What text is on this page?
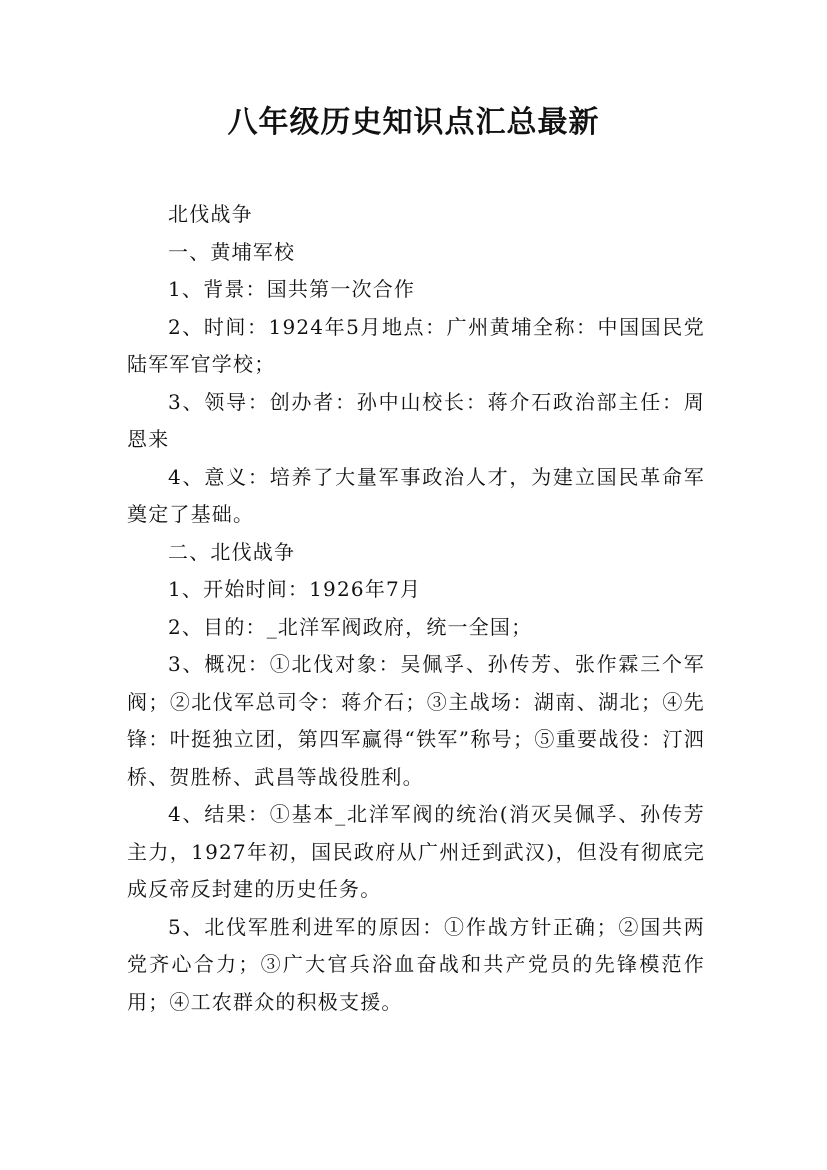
八年级历史知识点汇总最新

北伐战争

一、黄埔军校

1、背景：国共第一次合作

2、时间：1924年5月地点：广州黄埔全称：中国国民党陆军军官学校；

3、领导：创办者：孙中山校长：蒋介石政治部主任：周恩来

4、意义：培养了大量军事政治人才，为建立国民革命军奠定了基础。

二、北伐战争

1、开始时间：1926年7月

2、目的：_北洋军阀政府，统一全国；

3、概况：①北伐对象：吴佩孚、孙传芳、张作霖三个军阀；②北伐军总司令：蒋介石；③主战场：湖南、湖北；④先锋：叶挺独立团，第四军赢得“铁军”称号；⑤重要战役：汀泗桥、贺胜桥、武昌等战役胜利。

4、结果：①基本_北洋军阀的统治(消灭吴佩孚、孙传芳主力，1927年初，国民政府从广州迁到武汉)，但没有彻底完成反帝反封建的历史任务。

5、北伐军胜利进军的原因：①作战方针正确；②国共两党齐心合力；③广大官兵浴血奋战和共产党员的先锋模范作用；④工农群众的积极支援。
